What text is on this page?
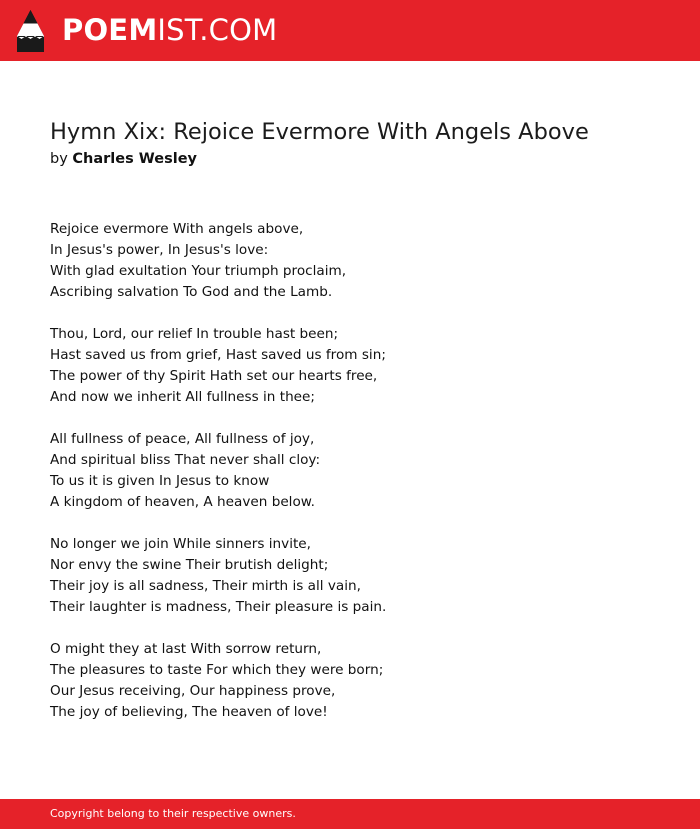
POEMIST.COM
Hymn Xix: Rejoice Evermore With Angels Above
by Charles Wesley
Rejoice evermore With angels above,
In Jesus's power, In Jesus's love:
With glad exultation Your triumph proclaim,
Ascribing salvation To God and the Lamb.
Thou, Lord, our relief In trouble hast been;
Hast saved us from grief, Hast saved us from sin;
The power of thy Spirit Hath set our hearts free,
And now we inherit All fullness in thee;
All fullness of peace, All fullness of joy,
And spiritual bliss That never shall cloy:
To us it is given In Jesus to know
A kingdom of heaven, A heaven below.
No longer we join While sinners invite,
Nor envy the swine Their brutish delight;
Their joy is all sadness, Their mirth is all vain,
Their laughter is madness, Their pleasure is pain.
O might they at last With sorrow return,
The pleasures to taste For which they were born;
Our Jesus receiving, Our happiness prove,
The joy of believing, The heaven of love!
Copyright belong to their respective owners.
